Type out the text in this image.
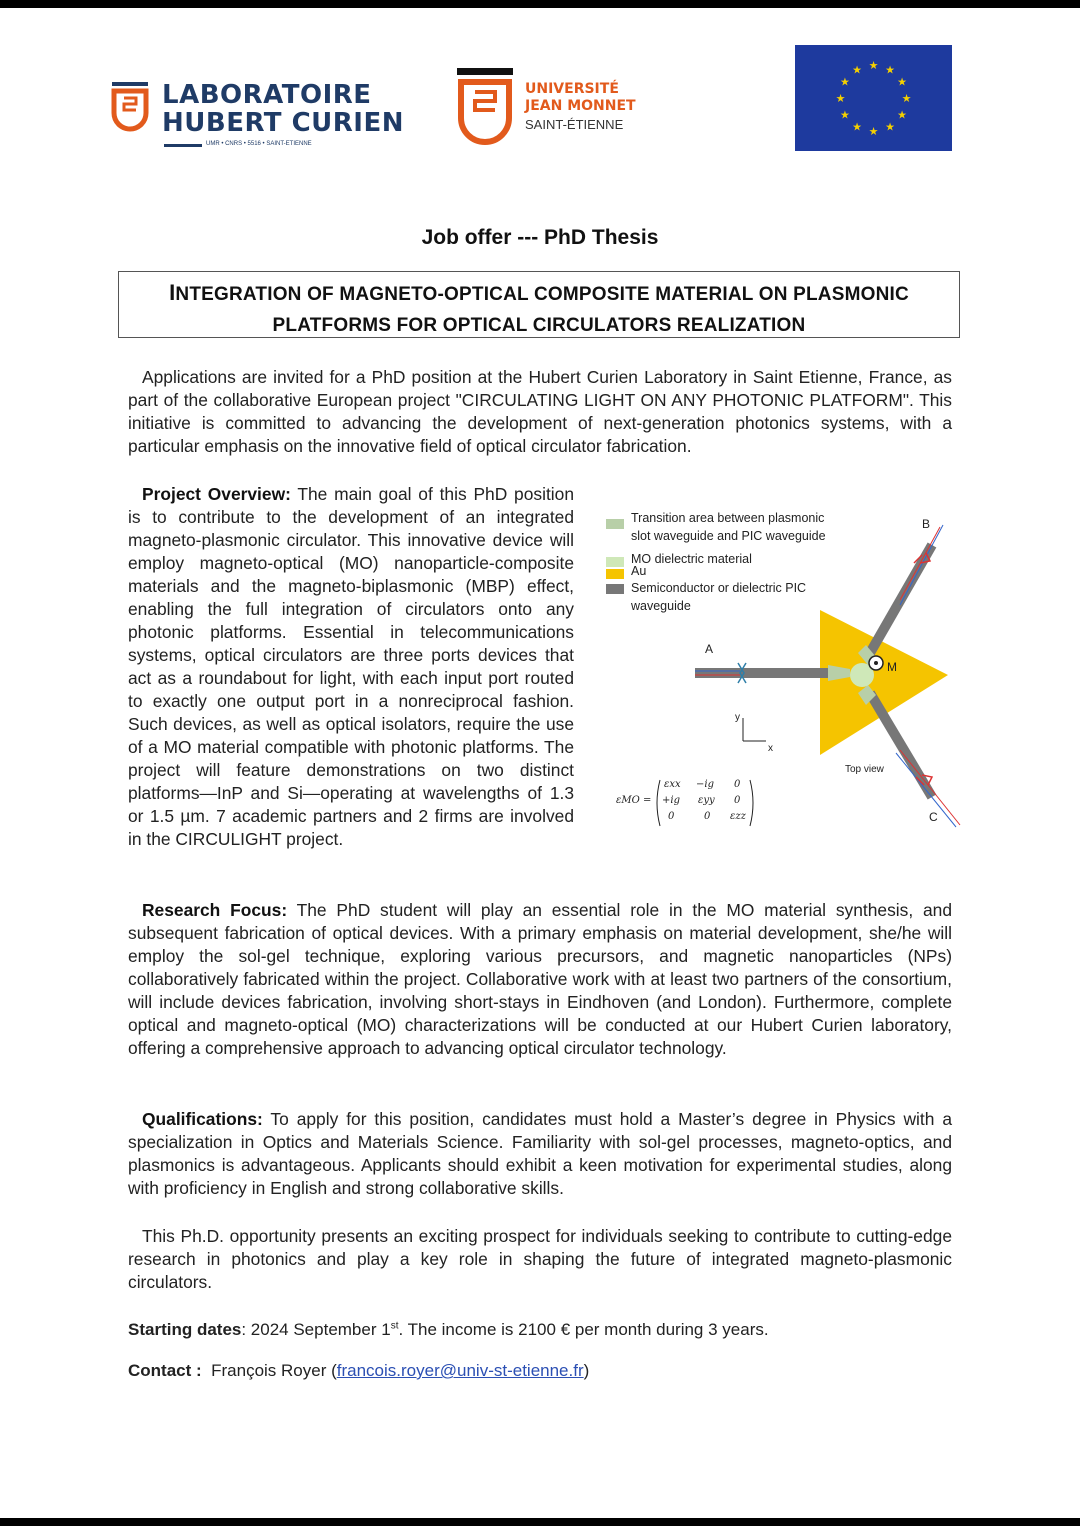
LABORATOIRE
HUBERT CURIEN
UMR • CNRS • 5516 • SAINT-ETIENNE
UNIVERSITÉ
JEAN MONNET
SAINT-ÉTIENNE
★ ★
★
★
★
★
★
★
★
★
★
★
Job offer --- PhD Thesis
INTEGRATION OF MAGNETO-OPTICAL COMPOSITE MATERIAL ON PLASMONIC
PLATFORMS FOR OPTICAL CIRCULATORS REALIZATION
Applications are invited for a PhD position at the Hubert Curien Laboratory in Saint Etienne, France, as part of the collaborative European project "CIRCULATING LIGHT ON ANY PHOTONIC PLATFORM". This initiative is committed to advancing the development of next-generation photonics systems, with a particular emphasis on the innovative field of optical circulator fabrication.
Project Overview: The main goal of this PhD position is to contribute to the development of an integrated magneto-plasmonic circulator. This innovative device will employ magneto-optical (MO) nanoparticle-composite materials and the magneto-biplasmonic (MBP) effect, enabling the full integration of circulators onto any photonic platforms. Essential in telecommunications systems, optical circulators are three ports devices that act as a roundabout for light, with each input port routed to exactly one output port in a nonreciprocal fashion. Such devices, as well as optical isolators, require the use of a MO material compatible with photonic platforms. The project will feature demonstrations on two distinct platforms—InP and Si—operating at wavelengths of 1.3 or 1.5 µm. 7 academic partners and 2 firms are involved in the CIRCULIGHT project.
Transition area between plasmonic
slot waveguide and PIC waveguide
MO dielectric material
Au
Semiconductor or dielectric PIC
waveguide
A
B
C
M
y
x
Top view
εMO =
εxx −ig 0
+ig εyy 0
0	0 εzz
Research Focus: The PhD student will play an essential role in the MO material synthesis, and subsequent fabrication of optical devices. With a primary emphasis on material development, she/he will employ the sol-gel technique, exploring various precursors, and magnetic nanoparticles (NPs) collaboratively fabricated within the project. Collaborative work with at least two partners of the consortium, will include devices fabrication, involving short-stays in Eindhoven (and London). Furthermore, complete optical and magneto-optical (MO) characterizations will be conducted at our Hubert Curien laboratory, offering a comprehensive approach to advancing optical circulator technology.
Qualifications: To apply for this position, candidates must hold a Master’s degree in Physics with a specialization in Optics and Materials Science. Familiarity with sol-gel processes, magneto-optics, and plasmonics is advantageous. Applicants should exhibit a keen motivation for experimental studies, along with proficiency in English and strong collaborative skills.
This Ph.D. opportunity presents an exciting prospect for individuals seeking to contribute to cutting-edge research in photonics and play a key role in shaping the future of integrated magneto-plasmonic circulators.
Starting dates: 2024 September 1st. The income is 2100 € per month during 3 years.
Contact : François Royer (francois.royer@univ-st-etienne.fr)
